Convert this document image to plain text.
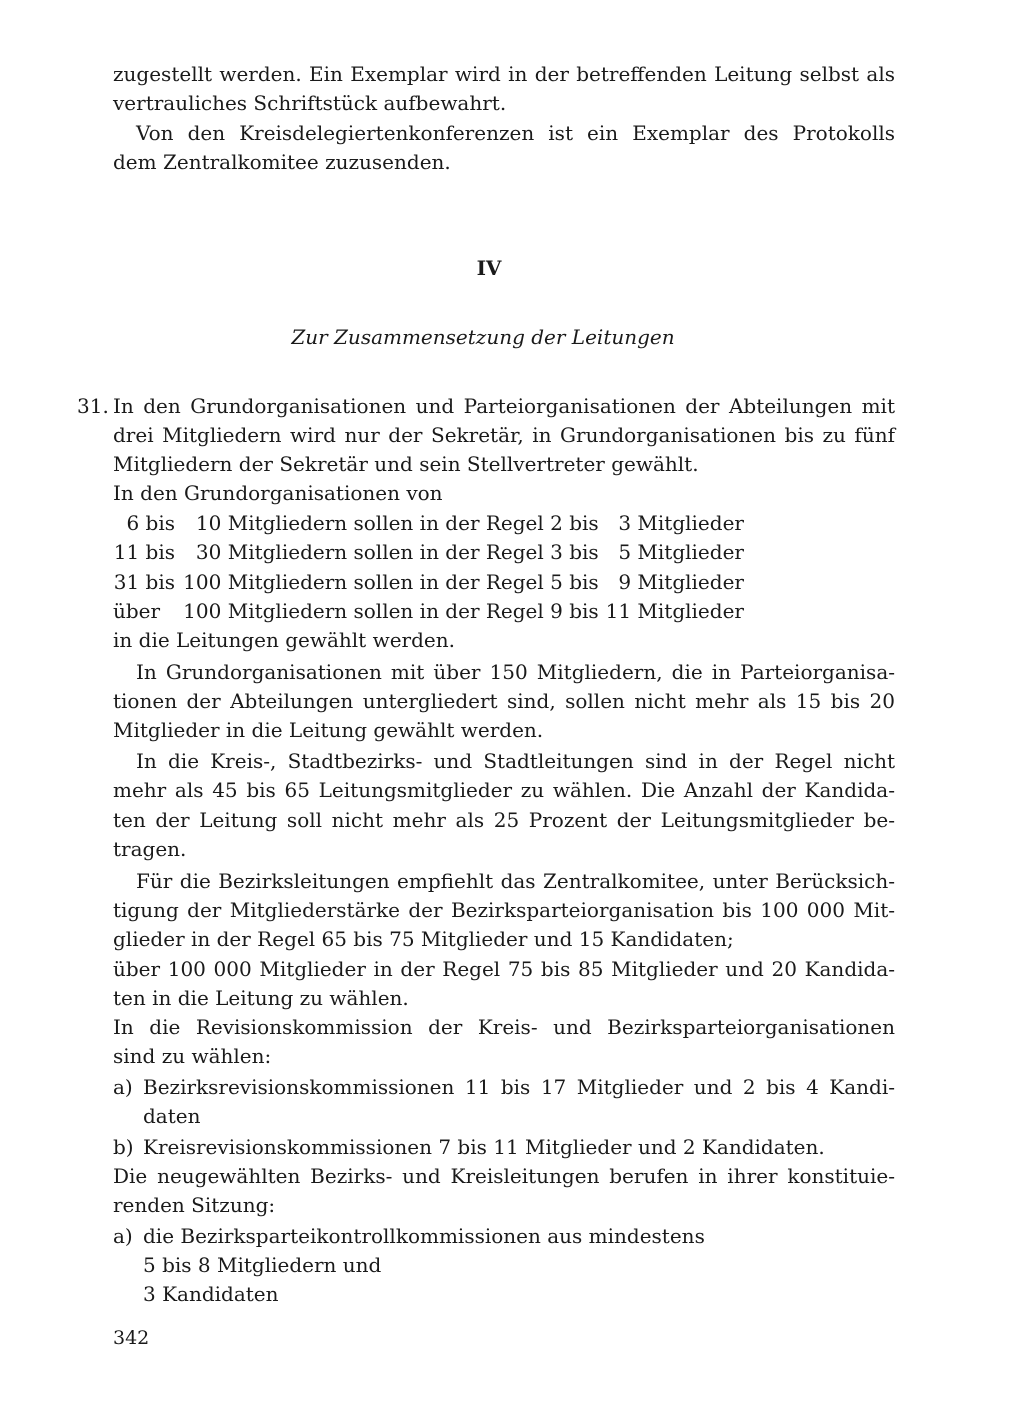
zugestellt werden. Ein Exemplar wird in der betreffenden Leitung selbst als
vertrauliches Schriftstück aufbewahrt.
Von den Kreisdelegiertenkonferenzen ist ein Exemplar des Protokolls
dem Zentralkomitee zuzusenden.
IV
Zur Zusammensetzung der Leitungen
31. In den Grundorganisationen und Parteiorganisationen der Abteilungen mit
drei Mitgliedern wird nur der Sekretär, in Grundorganisationen bis zu fünf
Mitgliedern der Sekretär und sein Stellvertreter gewählt.
In den Grundorganisationen von
6 bis 10 Mitgliedern sollen in der Regel 2 bis 3 Mitglieder
11 bis 30 Mitgliedern sollen in der Regel 3 bis 5 Mitglieder
31 bis 100 Mitgliedern sollen in der Regel 5 bis 9 Mitglieder
über 100 Mitgliedern sollen in der Regel 9 bis 11 Mitglieder
in die Leitungen gewählt werden.
In Grundorganisationen mit über 150 Mitgliedern, die in Parteiorganisa-
tionen der Abteilungen untergliedert sind, sollen nicht mehr als 15 bis 20
Mitglieder in die Leitung gewählt werden.
In die Kreis-, Stadtbezirks- und Stadtleitungen sind in der Regel nicht
mehr als 45 bis 65 Leitungsmitglieder zu wählen. Die Anzahl der Kandida-
ten der Leitung soll nicht mehr als 25 Prozent der Leitungsmitglieder be-
tragen.
Für die Bezirksleitungen empfiehlt das Zentralkomitee, unter Berücksich-
tigung der Mitgliederstärke der Bezirksparteiorganisation bis 100 000 Mit-
glieder in der Regel 65 bis 75 Mitglieder und 15 Kandidaten;
über 100 000 Mitglieder in der Regel 75 bis 85 Mitglieder und 20 Kandida-
ten in die Leitung zu wählen.
In die Revisionskommission der Kreis- und Bezirksparteiorganisationen
sind zu wählen:
a) Bezirksrevisionskommissionen 11 bis 17 Mitglieder und 2 bis 4 Kandi-
daten
b) Kreisrevisionskommissionen 7 bis 11 Mitglieder und 2 Kandidaten.
Die neugewählten Bezirks- und Kreisleitungen berufen in ihrer konstituie-
renden Sitzung:
a) die Bezirksparteikontrollkommissionen aus mindestens
5 bis 8 Mitgliedern und
3 Kandidaten
342
